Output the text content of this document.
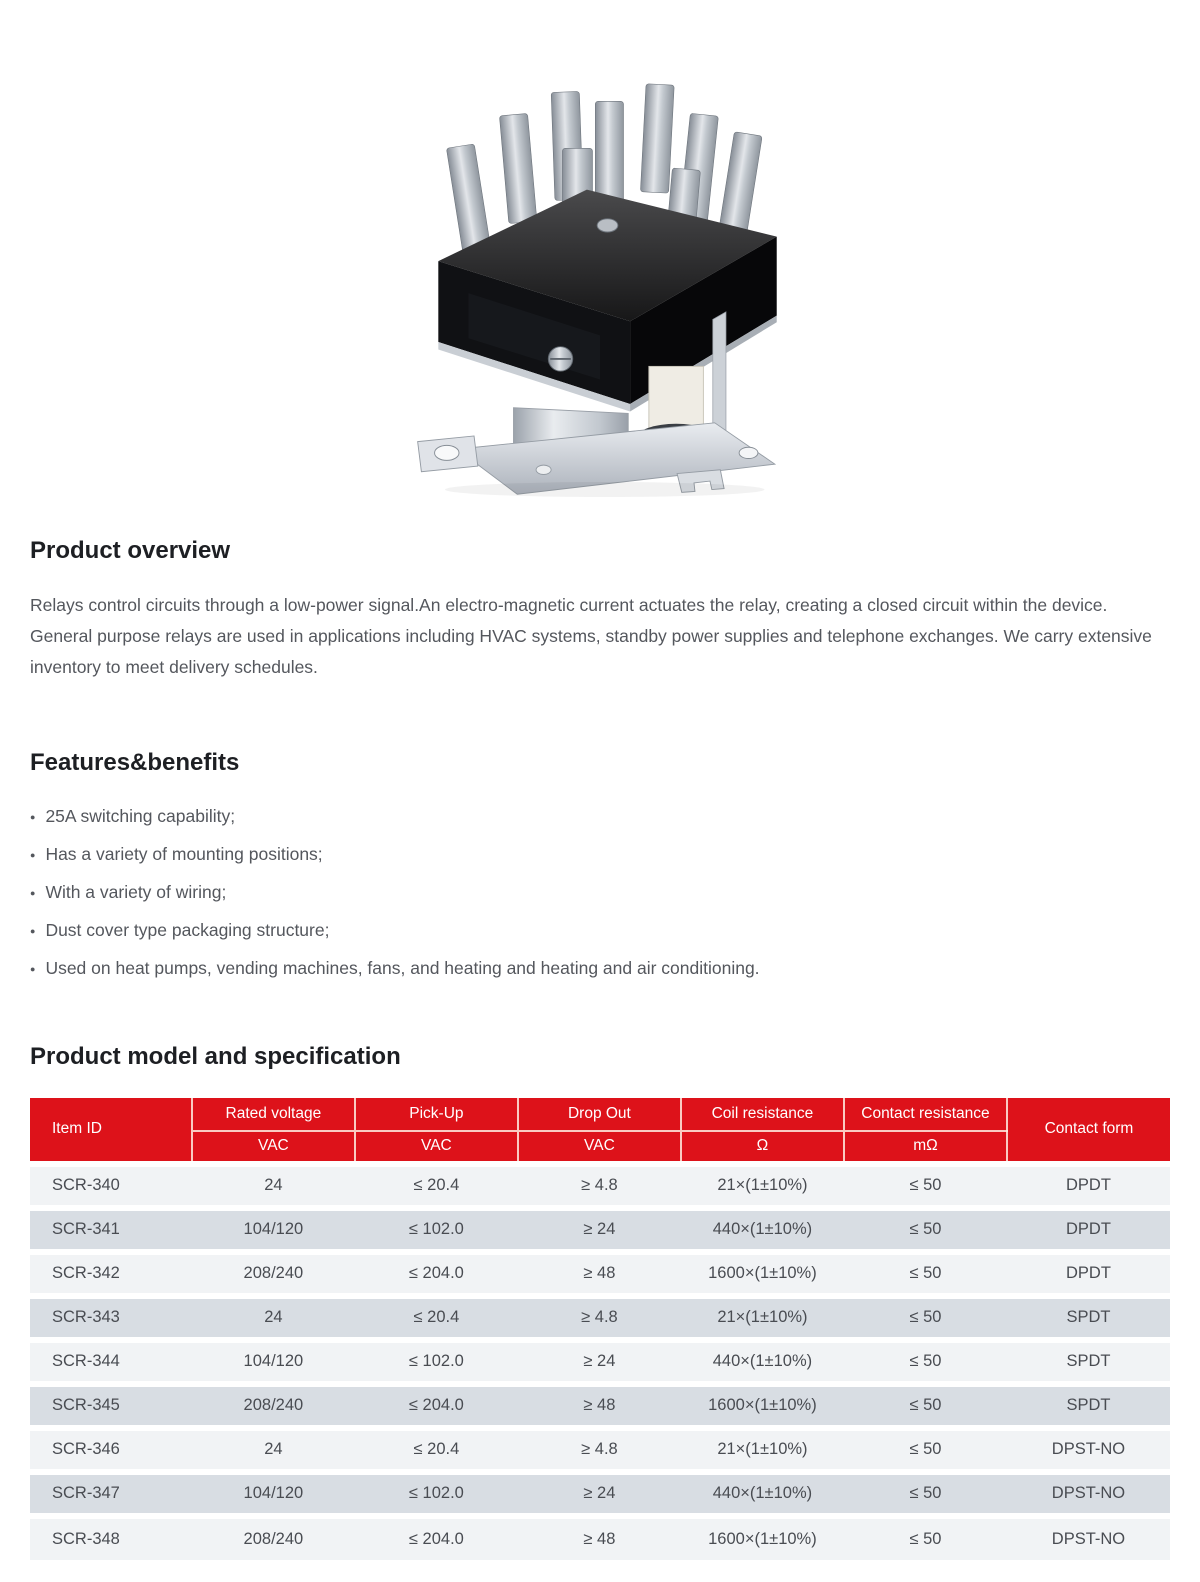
Product overview

Relays control circuits through a low-power signal.An electro-magnetic current actuates the relay, creating a closed circuit within the device. General purpose relays are used in applications including HVAC systems, standby power supplies and telephone exchanges. We carry extensive inventory to meet delivery schedules.

Features&benefits
● 25A switching capability;
● Has a variety of mounting positions;
● With a variety of wiring;
● Dust cover type packaging structure;
● Used on heat pumps, vending machines, fans, and heating and heating and air conditioning.
Product model and specification
Item ID	Rated voltage	Pick-Up	Drop Out	Coil resistance	Contact resistance	Contact form
	VAC	VAC	VAC	Ω	mΩ	
SCR-340	24	≤ 20.4	≥ 4.8	21×(1±10%)	≤ 50	DPDT
SCR-341	104/120	≤ 102.0	≥ 24	440×(1±10%)	≤ 50	DPDT
SCR-342	208/240	≤ 204.0	≥ 48	1600×(1±10%)	≤ 50	DPDT
SCR-343	24	≤ 20.4	≥ 4.8	21×(1±10%)	≤ 50	SPDT
SCR-344	104/120	≤ 102.0	≥ 24	440×(1±10%)	≤ 50	SPDT
SCR-345	208/240	≤ 204.0	≥ 48	1600×(1±10%)	≤ 50	SPDT
SCR-346	24	≤ 20.4	≥ 4.8	21×(1±10%)	≤ 50	DPST-NO
SCR-347	104/120	≤ 102.0	≥ 24	440×(1±10%)	≤ 50	DPST-NO
SCR-348	208/240	≤ 204.0	≥ 48	1600×(1±10%)	≤ 50	DPST-NO
